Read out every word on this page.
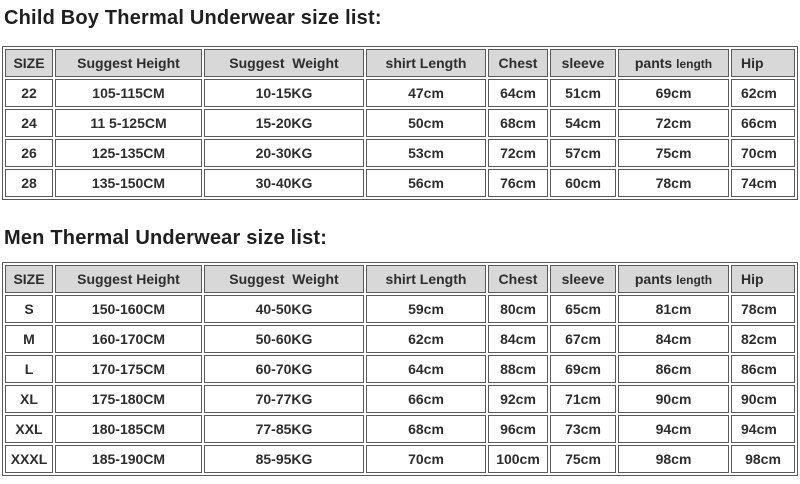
Child Boy Thermal Underwear size list:
SIZE	Suggest Height	Suggest  Weight	shirt Length	Chest	sleeve	pants length	Hip
22	105-115CM	10-15KG	47cm	64cm	51cm	69cm	62cm
24	11 5-125CM	15-20KG	50cm	68cm	54cm	72cm	66cm
26	125-135CM	20-30KG	53cm	72cm	57cm	75cm	70cm
28	135-150CM	30-40KG	56cm	76cm	60cm	78cm	74cm
Men Thermal Underwear size list:
SIZE	Suggest Height	Suggest  Weight	shirt Length	Chest	sleeve	pants length	Hip
S	150-160CM	40-50KG	59cm	80cm	65cm	81cm	78cm
M	160-170CM	50-60KG	62cm	84cm	67cm	84cm	82cm
L	170-175CM	60-70KG	64cm	88cm	69cm	86cm	86cm
XL	175-180CM	70-77KG	66cm	92cm	71cm	90cm	90cm
XXL	180-185CM	77-85KG	68cm	96cm	73cm	94cm	94cm
XXXL	185-190CM	85-95KG	70cm	100cm	75cm	98cm	98cm
